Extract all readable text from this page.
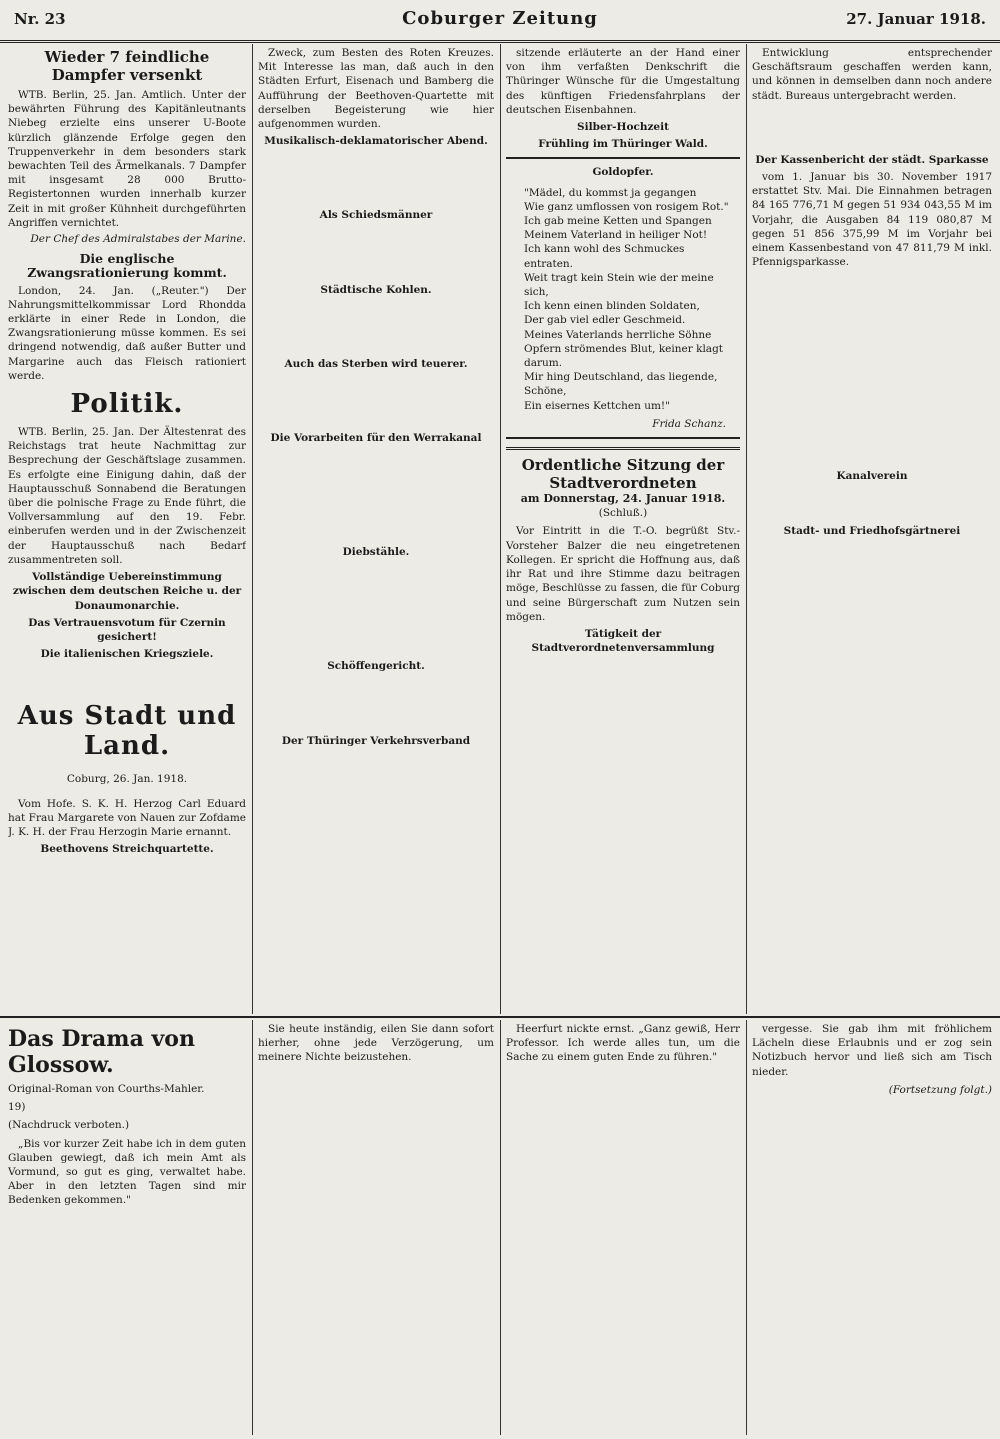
Nr. 23	Coburger Zeitung	27. Januar 1918.
Wieder 7 feindliche Dampfer versenkt

WTB. Berlin, 25. Jan. Amtlich. Unter der bewährten Führung des Kapitänleutnants Niebeg erzielte eins unserer U-Boote kürzlich glänzende Erfolge gegen den Truppenverkehr in dem besonders stark bewachten Teil des Ärmelkanals. 7 Dampfer mit insgesamt 28 000 Brutto-Registertonnen wurden innerhalb kurzer Zeit in mit großer Kühnheit durchgeführten Angriffen vernichtet.

Der Chef des Admiralstabes der Marine.

Die englische Zwangsrationierung kommt.

London, 24. Jan. („Reuter.") Der Nahrungsmittelkommissar Lord Rhondda erklärte in einer Rede in London, die Zwangsrationierung müsse kommen. Es sei dringend notwendig, daß außer Butter und Margarine auch das Fleisch rationiert werde.

Politik.

WTB. Berlin, 25. Jan. Der Ältestenrat des Reichstags trat heute Nachmittag zur Besprechung der Geschäftslage zusammen. Es erfolgte eine Einigung dahin, daß der Hauptausschuß Sonnabend die Beratungen über die polnische Frage zu Ende führt, die Vollversammlung auf den 19. Febr. einberufen werden und in der Zwischenzeit der Hauptausschuß nach Bedarf zusammentreten soll.

Vollständige Uebereinstimmung zwischen dem deutschen Reiche u. der Donaumonarchie.
Das Vertrauensvotum für Czernin gesichert!
Die italienischen Kriegsziele.
Aus Stadt und Land.

Coburg, 26. Jan. 1918.

Vom Hofe. S. K. H. Herzog Carl Eduard hat Frau Margarete von Nauen zur Zofdame J. K. H. der Frau Herzogin Marie ernannt.

Beethovens Streichquartette.

Zweck, zum Besten des Roten Kreuzes. Mit Interesse las man, daß auch in den Städten Erfurt, Eisenach und Bamberg die Aufführung der Beethoven-Quartette mit derselben Begeisterung wie hier aufgenommen wurden.

Musikalisch-deklamatorischer Abend.
Als Schiedsmänner
Städtische Kohlen.
Auch das Sterben wird teuerer.
Die Vorarbeiten für den Werrakanal
Diebstähle.
Schöffengericht.
Der Thüringer Verkehrsverband

sitzende erläuterte an der Hand einer von ihm verfaßten Denkschrift die Thüringer Wünsche für die Umgestaltung des künftigen Friedensfahrplans der deutschen Eisenbahnen.

Silber-Hochzeit
Frühling im Thüringer Wald.
Goldopfer.
"Mädel, du kommst ja gegangen
Wie ganz umflossen von rosigem Rot."
Ich gab meine Ketten und Spangen
Meinem Vaterland in heiliger Not!
Ich kann wohl des Schmuckes entraten.
Weit tragt kein Stein wie der meine sich,
Ich kenn einen blinden Soldaten,
Der gab viel edler Geschmeid.
Meines Vaterlands herrliche Söhne
Opfern strömendes Blut, keiner klagt darum.
Mir hing Deutschland, das liegende, Schöne,
Ein eisernes Kettchen um!"
Frida Schanz.
Ordentliche Sitzung der Stadtverordneten
am Donnerstag, 24. Januar 1918.
(Schluß.)

Vor Eintritt in die T.-O. begrüßt Stv.-Vorsteher Balzer die neu eingetretenen Kollegen. Er spricht die Hoffnung aus, daß ihr Rat und ihre Stimme dazu beitragen möge, Beschlüsse zu fassen, die für Coburg und seine Bürgerschaft zum Nutzen sein mögen.

Tätigkeit der Stadtverordnetenversammlung

Entwicklung entsprechender Geschäftsraum geschaffen werden kann, und können in demselben dann noch andere städt. Bureaus untergebracht werden.

Der Kassenbericht der städt. Sparkasse

vom 1. Januar bis 30. November 1917 erstattet Stv. Mai. Die Einnahmen betragen 84 165 776,71 M gegen 51 934 043,55 M im Vorjahr, die Ausgaben 84 119 080,87 M gegen 51 856 375,99 M im Vorjahr bei einem Kassenbestand von 47 811,79 M inkl. Pfennigsparkasse.

Kanalverein
Stadt- und Friedhofsgärtnerei
Das Drama von Glossow.
Original-Roman von Courths-Mahler.
19)
(Nachdruck verboten.)

„Bis vor kurzer Zeit habe ich in dem guten Glauben gewiegt, daß ich mein Amt als Vormund, so gut es ging, verwaltet habe. Aber in den letzten Tagen sind mir Bedenken gekommen."

Sie heute inständig, eilen Sie dann sofort hierher, ohne jede Verzögerung, um meinere Nichte beizustehen.

Heerfurt nickte ernst. „Ganz gewiß, Herr Professor. Ich werde alles tun, um die Sache zu einem guten Ende zu führen."

vergesse. Sie gab ihm mit fröhlichem Lächeln diese Erlaubnis und er zog sein Notizbuch hervor und ließ sich am Tisch nieder.

(Fortsetzung folgt.)
